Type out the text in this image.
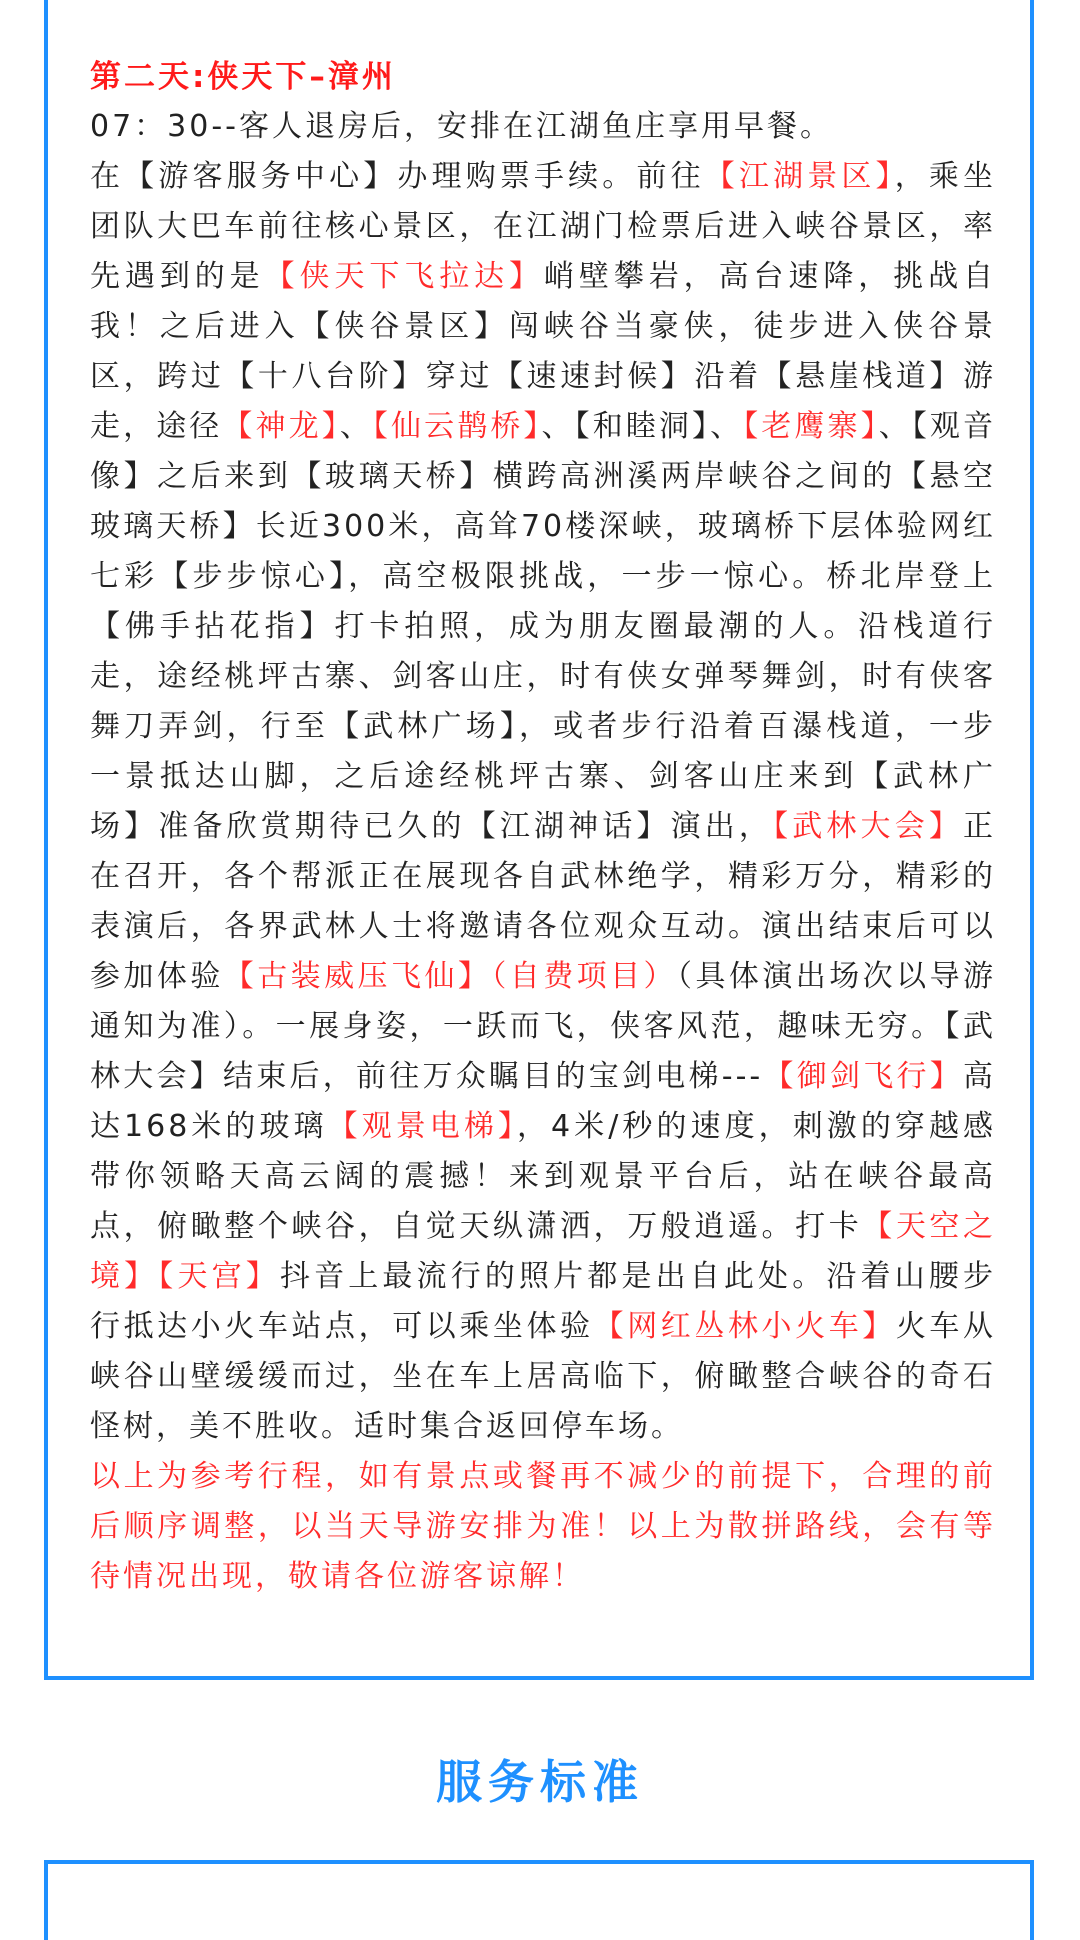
第二天:侠天下–漳州

07：30--客人退房后，安排在江湖鱼庄享用早餐。

在【游客服务中心】办理购票手续。前往【江湖景区】，乘坐团队大巴车前往核心景区，在江湖门检票后进入峡谷景区，率先遇到的是【侠天下飞拉达】峭壁攀岩，高台速降，挑战自我！之后进入【侠谷景区】闯峡谷当豪侠，徒步进入侠谷景区，跨过【十八台阶】穿过【速速封候】沿着【悬崖栈道】游走，途径【神龙】、【仙云鹊桥】、【和睦洞】、【老鹰寨】、【观音像】之后来到【玻璃天桥】横跨高洲溪两岸峡谷之间的【悬空玻璃天桥】长近300米，高耸70楼深峡，玻璃桥下层体验网红七彩【步步惊心】，高空极限挑战，一步一惊心。桥北岸登上【佛手拈花指】打卡拍照，成为朋友圈最潮的人。沿栈道行走，途经桃坪古寨、剑客山庄，时有侠女弹琴舞剑，时有侠客舞刀弄剑，行至【武林广场】，或者步行沿着百瀑栈道，一步一景抵达山脚，之后途经桃坪古寨、剑客山庄来到【武林广场】准备欣赏期待已久的【江湖神话】演出，【武林大会】正在召开，各个帮派正在展现各自武林绝学，精彩万分，精彩的表演后，各界武林人士将邀请各位观众互动。演出结束后可以参加体验【古装威压飞仙】（自费项目）（具体演出场次以导游通知为准）。一展身姿，一跃而飞，侠客风范，趣味无穷。【武林大会】结束后，前往万众瞩目的宝剑电梯---【御剑飞行】高达168米的玻璃【观景电梯】，4米/秒的速度，刺激的穿越感带你领略天高云阔的震撼！来到观景平台后，站在峡谷最高点，俯瞰整个峡谷，自觉天纵潇洒，万般逍遥。打卡【天空之境】【天宫】抖音上最流行的照片都是出自此处。沿着山腰步行抵达小火车站点，可以乘坐体验【网红丛林小火车】火车从峡谷山壁缓缓而过，坐在车上居高临下，俯瞰整合峡谷的奇石怪树，美不胜收。适时集合返回停车场。

以上为参考行程，如有景点或餐再不减少的前提下，合理的前后顺序调整，以当天导游安排为准！以上为散拼路线，会有等待情况出现，敬请各位游客谅解！

服务标准
